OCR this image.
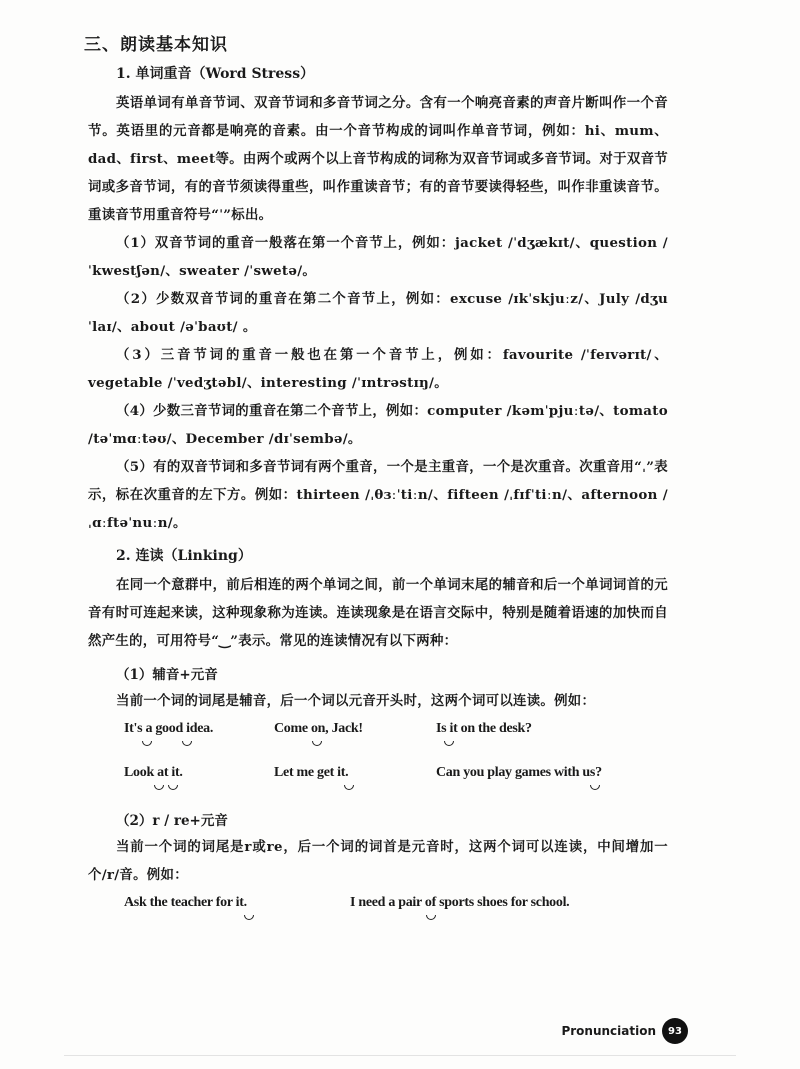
三、朗读基本知识
1. 单词重音（Word Stress）

英语单词有单音节词、双音节词和多音节词之分。含有一个响亮音素的声音片断叫作一个音节。英语里的元音都是响亮的音素。由一个音节构成的词叫作单音节词，例如：hi、mum、dad、first、meet等。由两个或两个以上音节构成的词称为双音节词或多音节词。对于双音节词或多音节词，有的音节须读得重些，叫作重读音节；有的音节要读得轻些，叫作非重读音节。重读音节用重音符号“ˈ”标出。

（1）双音节词的重音一般落在第一个音节上，例如：jacket /ˈdʒækɪt/、question /ˈkwestʃən/、sweater /ˈswetə/。

（2）少数双音节词的重音在第二个音节上，例如：excuse /ɪkˈskjuːz/、July /dʒuˈlaɪ/、about /əˈbaʊt/ 。

（3）三音节词的重音一般也在第一个音节上，例如：favourite /ˈfeɪvərɪt/、vegetable /ˈvedʒtəbl/、interesting /ˈɪntrəstɪŋ/。

（4）少数三音节词的重音在第二个音节上，例如：computer /kəmˈpjuːtə/、tomato /təˈmɑːtəʊ/、December /dɪˈsembə/。

（5）有的双音节词和多音节词有两个重音，一个是主重音，一个是次重音。次重音用“ˌ”表示，标在次重音的左下方。例如：thirteen /ˌθɜːˈtiːn/、fifteen /ˌfɪfˈtiːn/、afternoon /ˌɑːftəˈnuːn/。

2. 连读（Linking）

在同一个意群中，前后相连的两个单词之间，前一个单词末尾的辅音和后一个单词词首的元音有时可连起来读，这种现象称为连读。连读现象是在语言交际中，特别是随着语速的加快而自然产生的，可用符号“‿”表示。常见的连读情况有以下两种：

（1）辅音+元音

当前一个词的词尾是辅音，后一个词以元音开头时，这两个词可以连读。例如：

It's a good idea.	Come on, Jack!	Is it on the desk?
Look at it.	Let me get it.	Can you play games with us?
（2）r / re+元音

当前一个词的词尾是r或re，后一个词的词首是元音时，这两个词可以连读，中间增加一个/r/音。例如：

Ask the teacher for it.	I need a pair of sports shoes for school.
Pronunciation	93
